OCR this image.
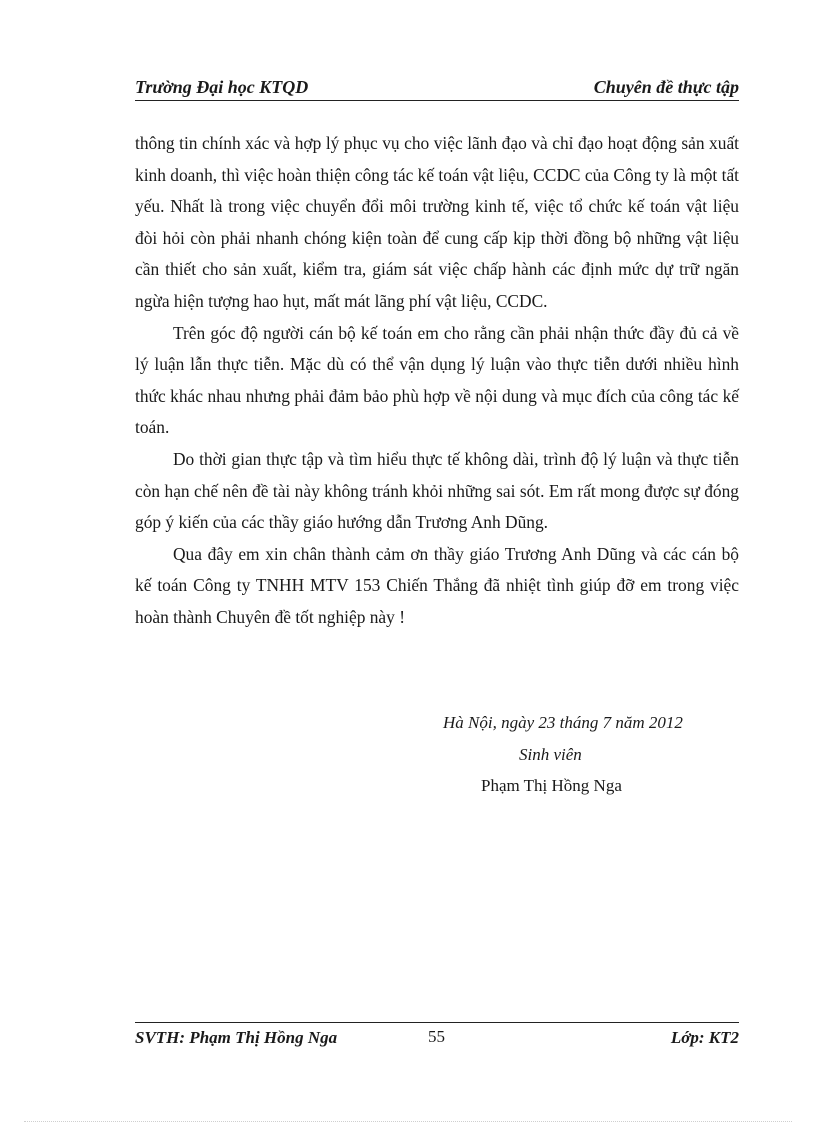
Trường Đại học KTQD	Chuyên đề thực tập

thông tin chính xác và hợp lý phục vụ cho việc lãnh đạo và chỉ đạo hoạt động sản xuất kinh doanh, thì việc hoàn thiện công tác kế toán vật liệu, CCDC của Công ty là một tất yếu. Nhất là trong việc chuyển đổi môi trường kinh tế, việc tổ chức kế toán vật liệu đòi hỏi còn phải nhanh chóng kiện toàn để cung cấp kịp thời đồng bộ những vật liệu cần thiết cho sản xuất, kiểm tra, giám sát việc chấp hành các định mức dự trữ ngăn ngừa hiện tượng hao hụt, mất mát lãng phí vật liệu, CCDC.

Trên góc độ người cán bộ kế toán em cho rằng cần phải nhận thức đầy đủ cả về lý luận lẫn thực tiễn. Mặc dù có thể vận dụng lý luận vào thực tiễn dưới nhiều hình thức khác nhau nhưng phải đảm bảo phù hợp về nội dung và mục đích của công tác kế toán.

Do thời gian thực tập và tìm hiểu thực tế không dài, trình độ lý luận và thực tiễn còn hạn chế nên đề tài này không tránh khỏi những sai sót. Em rất mong được sự đóng góp ý kiến của các thầy giáo hướng dẫn Trương Anh Dũng.

Qua đây em xin chân thành cảm ơn thầy giáo Trương Anh Dũng và các cán bộ kế toán Công ty TNHH MTV 153 Chiến Thắng đã nhiệt tình giúp đỡ em trong việc hoàn thành Chuyên đề tốt nghiệp này !

Hà Nội, ngày 23 tháng 7 năm 2012
Sinh viên
Phạm Thị Hồng Nga
SVTH: Phạm Thị Hồng Nga	55	Lớp: KT2
